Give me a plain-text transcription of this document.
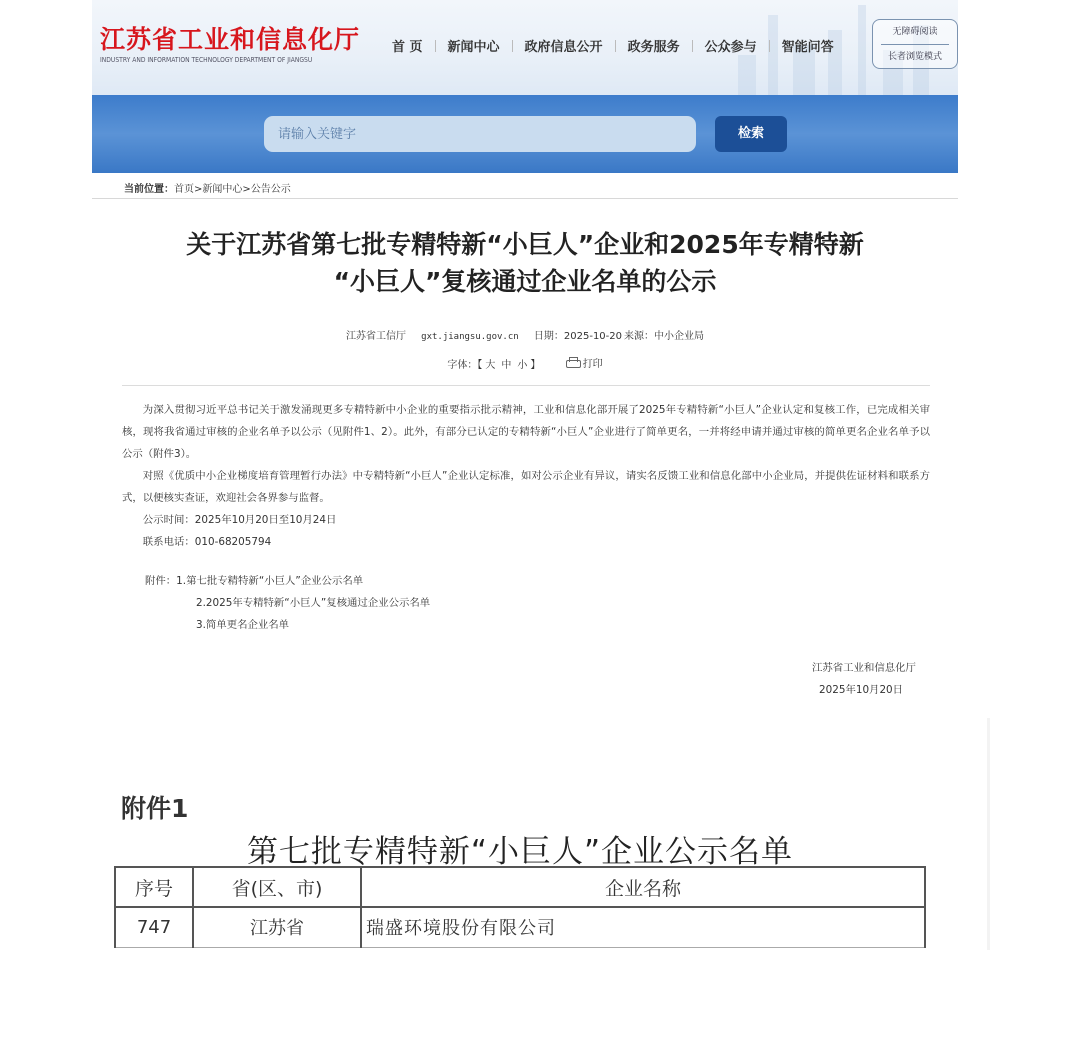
江苏省工业和信息化厅
INDUSTRY AND INFORMATION TECHNOLOGY DEPARTMENT OF JIANGSU
首 页 新闻中心 政府信息公开 政务服务 公众参与 智能问答
无障碍阅读
长者浏览模式
请输入关键字
检索
当前位置：首页>新闻中心>公告公示
关于江苏省第七批专精特新“小巨人”企业和2025年专精特新
“小巨人”复核通过企业名单的公示
江苏省工信厅 gxt.jiangsu.gov.cn 日期：2025-10-20 来源：中小企业局
字体：【 大 中 小 】	打印

为深入贯彻习近平总书记关于激发涌现更多专精特新中小企业的重要指示批示精神，工业和信息化部开展了2025年专精特新“小巨人”企业认定和复核工作，已完成相关审核，现将我省通过审核的企业名单予以公示（见附件1、2）。此外，有部分已认定的专精特新“小巨人”企业进行了简单更名，一并将经申请并通过审核的简单更名企业名单予以公示（附件3）。

对照《优质中小企业梯度培育管理暂行办法》中专精特新“小巨人”企业认定标准，如对公示企业有异议，请实名反馈工业和信息化部中小企业局，并提供佐证材料和联系方式，以便核实查证，欢迎社会各界参与监督。

公示时间：2025年10月20日至10月24日
联系电话：010-68205794
附件：1.第七批专精特新“小巨人”企业公示名单
2.2025年专精特新“小巨人”复核通过企业公示名单
3.简单更名企业名单
江苏省工业和信息化厅
2025年10月20日
附件1
第七批专精特新“小巨人”企业公示名单
序号	省(区、市)	企业名称
747	江苏省	瑞盛环境股份有限公司
